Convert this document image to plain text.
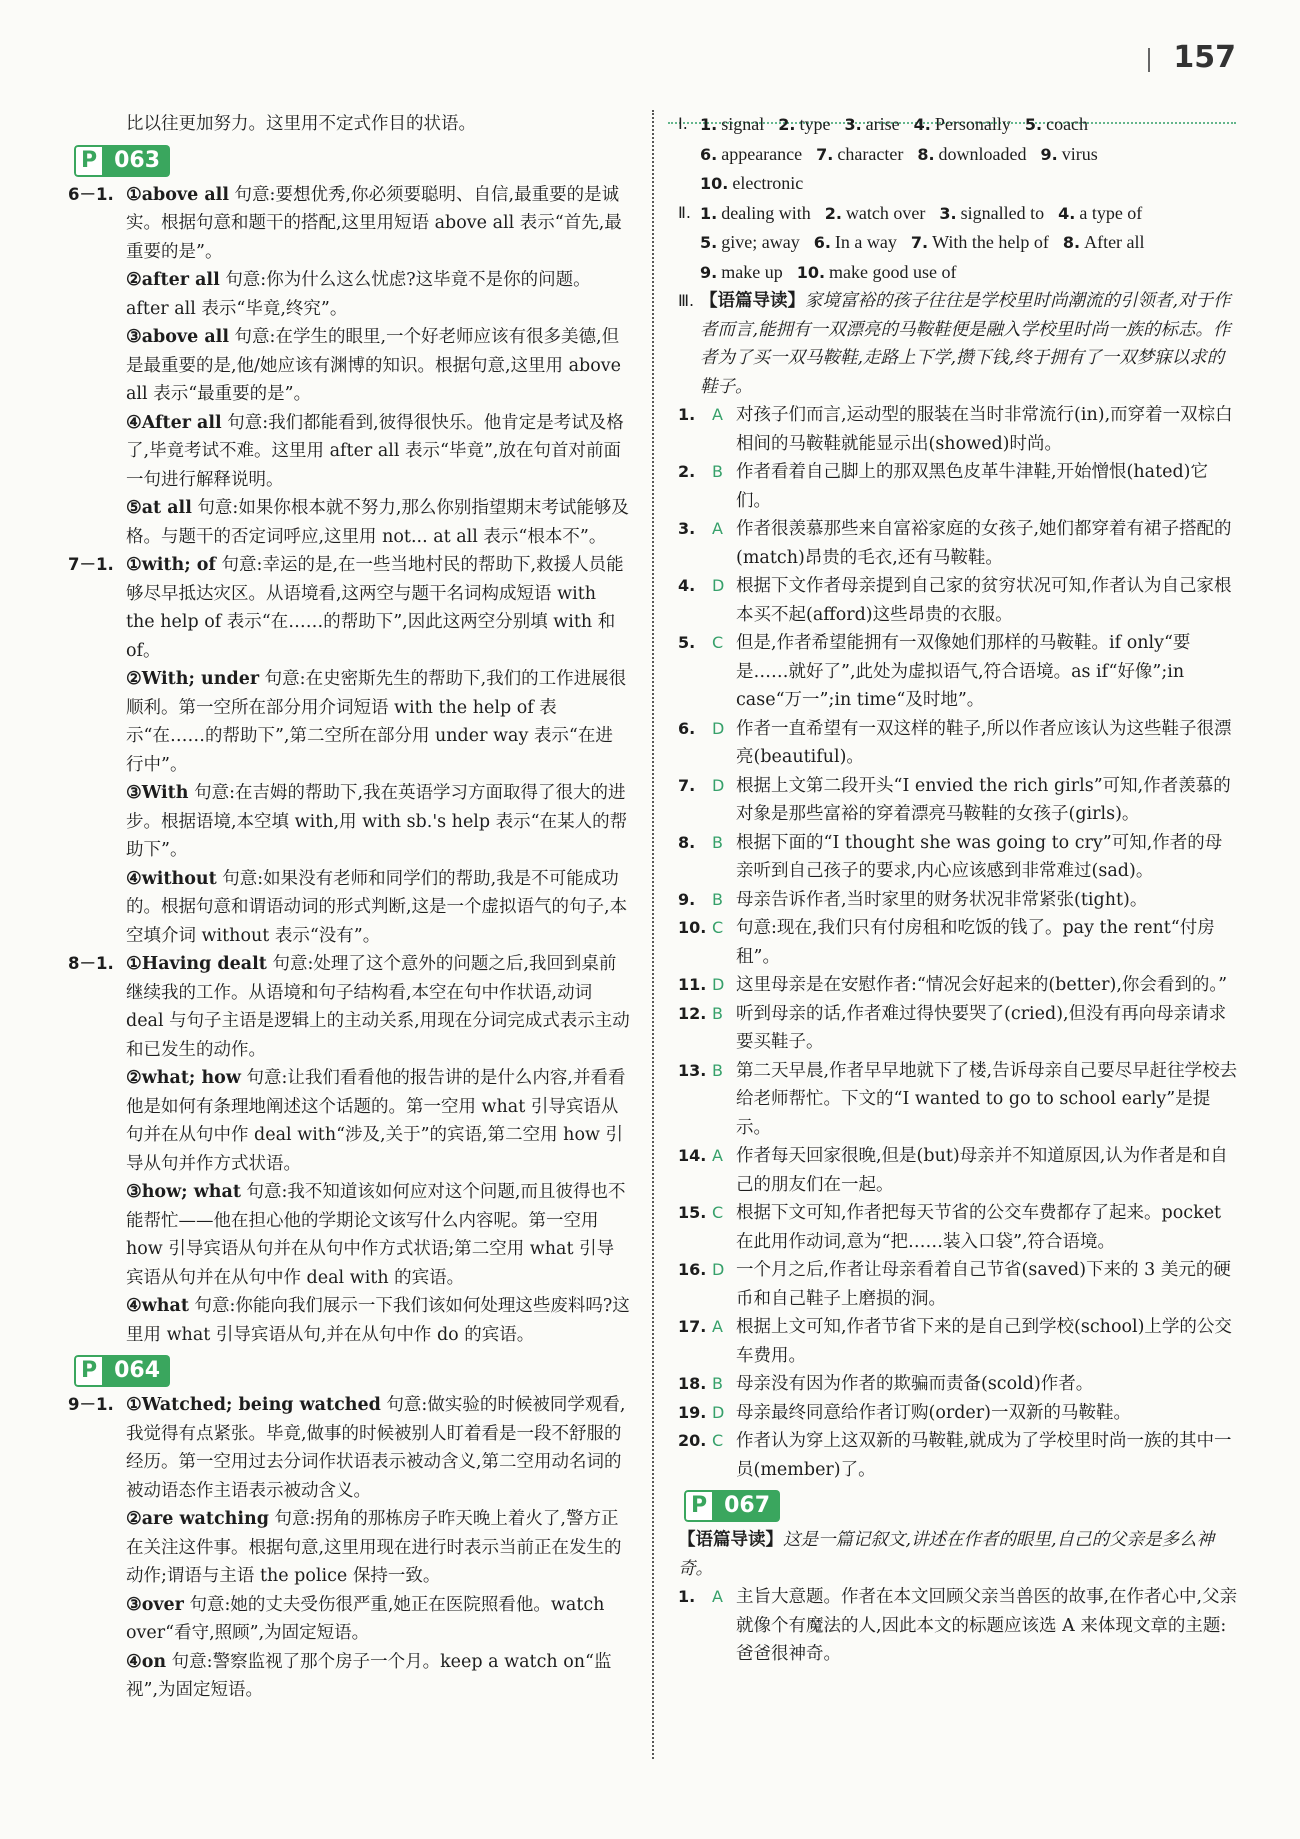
157

比以往更加努力。这里用不定式作目的状语。

P 063
6－1. ①above all 句意:要想优秀,你必须要聪明、自信,最重要的是诚实。根据句意和题干的搭配,这里用短语 above all 表示“首先,最重要的是”。

②after all 句意:你为什么这么忧虑?这毕竟不是你的问题。after all 表示“毕竟,终究”。

③above all 句意:在学生的眼里,一个好老师应该有很多美德,但是最重要的是,他/她应该有渊博的知识。根据句意,这里用 above all 表示“最重要的是”。

④After all 句意:我们都能看到,彼得很快乐。他肯定是考试及格了,毕竟考试不难。这里用 after all 表示“毕竟”,放在句首对前面一句进行解释说明。

⑤at all 句意:如果你根本就不努力,那么你别指望期末考试能够及格。与题干的否定词呼应,这里用 not... at all 表示“根本不”。

7－1. ①with; of 句意:幸运的是,在一些当地村民的帮助下,救援人员能够尽早抵达灾区。从语境看,这两空与题干名词构成短语 with the help of 表示“在……的帮助下”,因此这两空分别填 with 和 of。

②With; under 句意:在史密斯先生的帮助下,我们的工作进展很顺利。第一空所在部分用介词短语 with the help of 表示“在……的帮助下”,第二空所在部分用 under way 表示“在进行中”。

③With 句意:在吉姆的帮助下,我在英语学习方面取得了很大的进步。根据语境,本空填 with,用 with sb.'s help 表示“在某人的帮助下”。

④without 句意:如果没有老师和同学们的帮助,我是不可能成功的。根据句意和谓语动词的形式判断,这是一个虚拟语气的句子,本空填介词 without 表示“没有”。

8－1. ①Having dealt 句意:处理了这个意外的问题之后,我回到桌前继续我的工作。从语境和句子结构看,本空在句中作状语,动词 deal 与句子主语是逻辑上的主动关系,用现在分词完成式表示主动和已发生的动作。

②what; how 句意:让我们看看他的报告讲的是什么内容,并看看他是如何有条理地阐述这个话题的。第一空用 what 引导宾语从句并在从句中作 deal with“涉及,关于”的宾语,第二空用 how 引导从句并作方式状语。

③how; what 句意:我不知道该如何应对这个问题,而且彼得也不能帮忙——他在担心他的学期论文该写什么内容呢。第一空用 how 引导宾语从句并在从句中作方式状语;第二空用 what 引导宾语从句并在从句中作 deal with 的宾语。

④what 句意:你能向我们展示一下我们该如何处理这些废料吗?这里用 what 引导宾语从句,并在从句中作 do 的宾语。

P 064
9－1. ①Watched; being watched 句意:做实验的时候被同学观看,我觉得有点紧张。毕竟,做事的时候被别人盯着看是一段不舒服的经历。第一空用过去分词作状语表示被动含义,第二空用动名词的被动语态作主语表示被动含义。

②are watching 句意:拐角的那栋房子昨天晚上着火了,警方正在关注这件事。根据句意,这里用现在进行时表示当前正在发生的动作;谓语与主语 the police 保持一致。

③over 句意:她的丈夫受伤很严重,她正在医院照看他。watch over“看守,照顾”,为固定短语。

④on 句意:警察监视了那个房子一个月。keep a watch on“监视”,为固定短语。

Ⅰ. 1. signal 2. type 3. arise 4. Personally 5. coach
6. appearance 7. character 8. downloaded 9. virus
10. electronic
Ⅱ. 1. dealing with 2. watch over 3. signalled to 4. a type of
5. give; away 6. In a way 7. With the help of 8. After all
9. make up 10. make good use of
Ⅲ. 【语篇导读】家境富裕的孩子往往是学校里时尚潮流的引领者,对于作者而言,能拥有一双漂亮的马鞍鞋便是融入学校里时尚一族的标志。作者为了买一双马鞍鞋,走路上下学,攒下钱,终于拥有了一双梦寐以求的鞋子。

1.	A 对孩子们而言,运动型的服装在当时非常流行(in),而穿着一双棕白相间的马鞍鞋就能显示出(showed)时尚。
2.	B 作者看着自己脚上的那双黑色皮革牛津鞋,开始憎恨(hated)它们。
3.	A 作者很羡慕那些来自富裕家庭的女孩子,她们都穿着有裙子搭配的(match)昂贵的毛衣,还有马鞍鞋。
4.	D 根据下文作者母亲提到自己家的贫穷状况可知,作者认为自己家根本买不起(afford)这些昂贵的衣服。
5.	C 但是,作者希望能拥有一双像她们那样的马鞍鞋。if only“要是……就好了”,此处为虚拟语气,符合语境。as if“好像”;in case“万一”;in time“及时地”。
6.	D 作者一直希望有一双这样的鞋子,所以作者应该认为这些鞋子很漂亮(beautiful)。
7.	D 根据上文第二段开头“I envied the rich girls”可知,作者羡慕的对象是那些富裕的穿着漂亮马鞍鞋的女孩子(girls)。
8.	B 根据下面的“I thought she was going to cry”可知,作者的母亲听到自己孩子的要求,内心应该感到非常难过(sad)。
9.	B 母亲告诉作者,当时家里的财务状况非常紧张(tight)。
10. C 句意:现在,我们只有付房租和吃饭的钱了。pay the rent“付房租”。
11. D 这里母亲是在安慰作者:“情况会好起来的(better),你会看到的。”
12. B 听到母亲的话,作者难过得快要哭了(cried),但没有再向母亲请求要买鞋子。
13. B 第二天早晨,作者早早地就下了楼,告诉母亲自己要尽早赶往学校去给老师帮忙。下文的“I wanted to go to school early”是提示。
14. A 作者每天回家很晚,但是(but)母亲并不知道原因,认为作者是和自己的朋友们在一起。
15. C 根据下文可知,作者把每天节省的公交车费都存了起来。pocket 在此用作动词,意为“把……装入口袋”,符合语境。
16. D 一个月之后,作者让母亲看着自己节省(saved)下来的 3 美元的硬币和自己鞋子上磨损的洞。
17. A 根据上文可知,作者节省下来的是自己到学校(school)上学的公交车费用。
18. B 母亲没有因为作者的欺骗而责备(scold)作者。
19. D 母亲最终同意给作者订购(order)一双新的马鞍鞋。
20. C 作者认为穿上这双新的马鞍鞋,就成为了学校里时尚一族的其中一员(member)了。
P 067

【语篇导读】这是一篇记叙文,讲述在作者的眼里,自己的父亲是多么神奇。

1.	A 主旨大意题。作者在本文回顾父亲当兽医的故事,在作者心中,父亲就像个有魔法的人,因此本文的标题应该选 A 来体现文章的主题:爸爸很神奇。
